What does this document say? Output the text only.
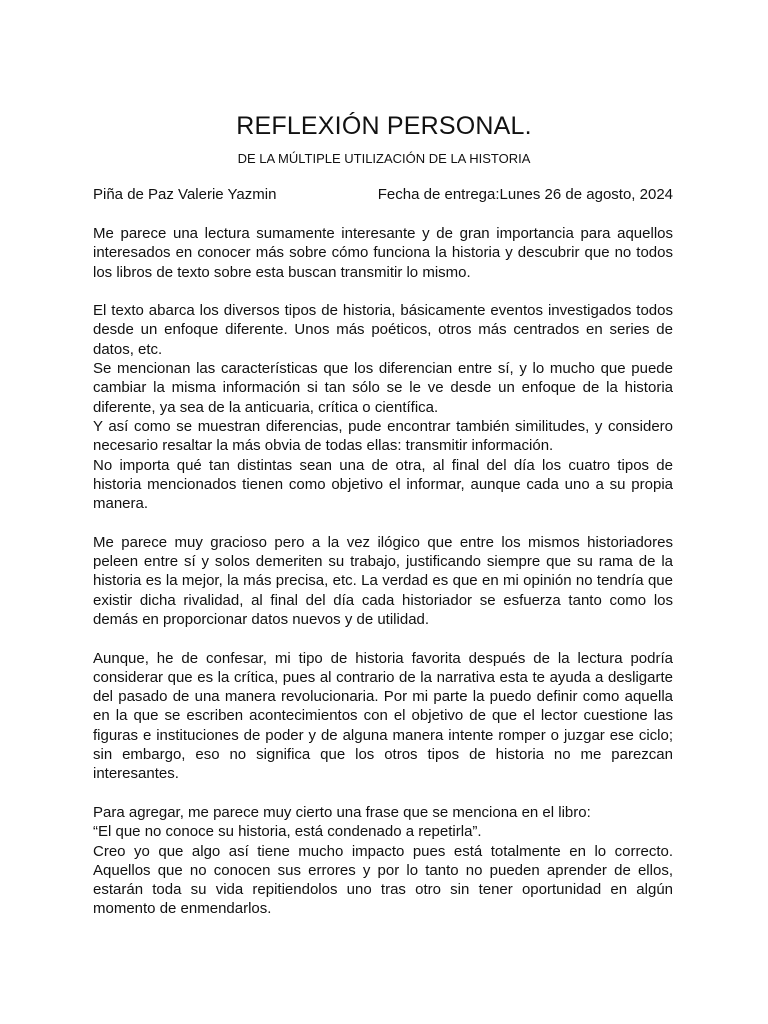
REFLEXIÓN PERSONAL.
DE LA MÚLTIPLE UTILIZACIÓN DE LA HISTORIA
Piña de Paz Valerie Yazmin	Fecha de entrega:Lunes 26 de agosto, 2024

Me parece una lectura sumamente interesante y de gran importancia para aquellos interesados en conocer más sobre cómo funciona la historia y descubrir que no todos los libros de texto sobre esta buscan transmitir lo mismo.

El texto abarca los diversos tipos de historia, básicamente eventos investigados todos desde un enfoque diferente. Unos más poéticos, otros más centrados en series de datos, etc.

Se mencionan las características que los diferencian entre sí, y lo mucho que puede cambiar la misma información si tan sólo se le ve desde un enfoque de la historia diferente, ya sea de la anticuaria, crítica o científica.

Y así como se muestran diferencias, pude encontrar también similitudes, y considero necesario resaltar la más obvia de todas ellas: transmitir información.

No importa qué tan distintas sean una de otra, al final del día los cuatro tipos de historia mencionados tienen como objetivo el informar, aunque cada uno a su propia manera.

Me parece muy gracioso pero a la vez ilógico que entre los mismos historiadores peleen entre sí y solos demeriten su trabajo, justificando siempre que su rama de la historia es la mejor, la más precisa, etc. La verdad es que en mi opinión no tendría que existir dicha rivalidad, al final del día cada historiador se esfuerza tanto como los demás en proporcionar datos nuevos y de utilidad.

Aunque, he de confesar, mi tipo de historia favorita después de la lectura podría considerar que es la crítica, pues al contrario de la narrativa esta te ayuda a desligarte del pasado de una manera revolucionaria. Por mi parte la puedo definir como aquella en la que se escriben acontecimientos con el objetivo de que el lector cuestione las figuras e instituciones de poder y de alguna manera intente romper o juzgar ese ciclo; sin embargo, eso no significa que los otros tipos de historia no me parezcan interesantes.

Para agregar, me parece muy cierto una frase que se menciona en el libro:

“El que no conoce su historia, está condenado a repetirla”.

Creo yo que algo así tiene mucho impacto pues está totalmente en lo correcto. Aquellos que no conocen sus errores y por lo tanto no pueden aprender de ellos, estarán toda su vida repitiendolos uno tras otro sin tener oportunidad en algún momento de enmendarlos.
